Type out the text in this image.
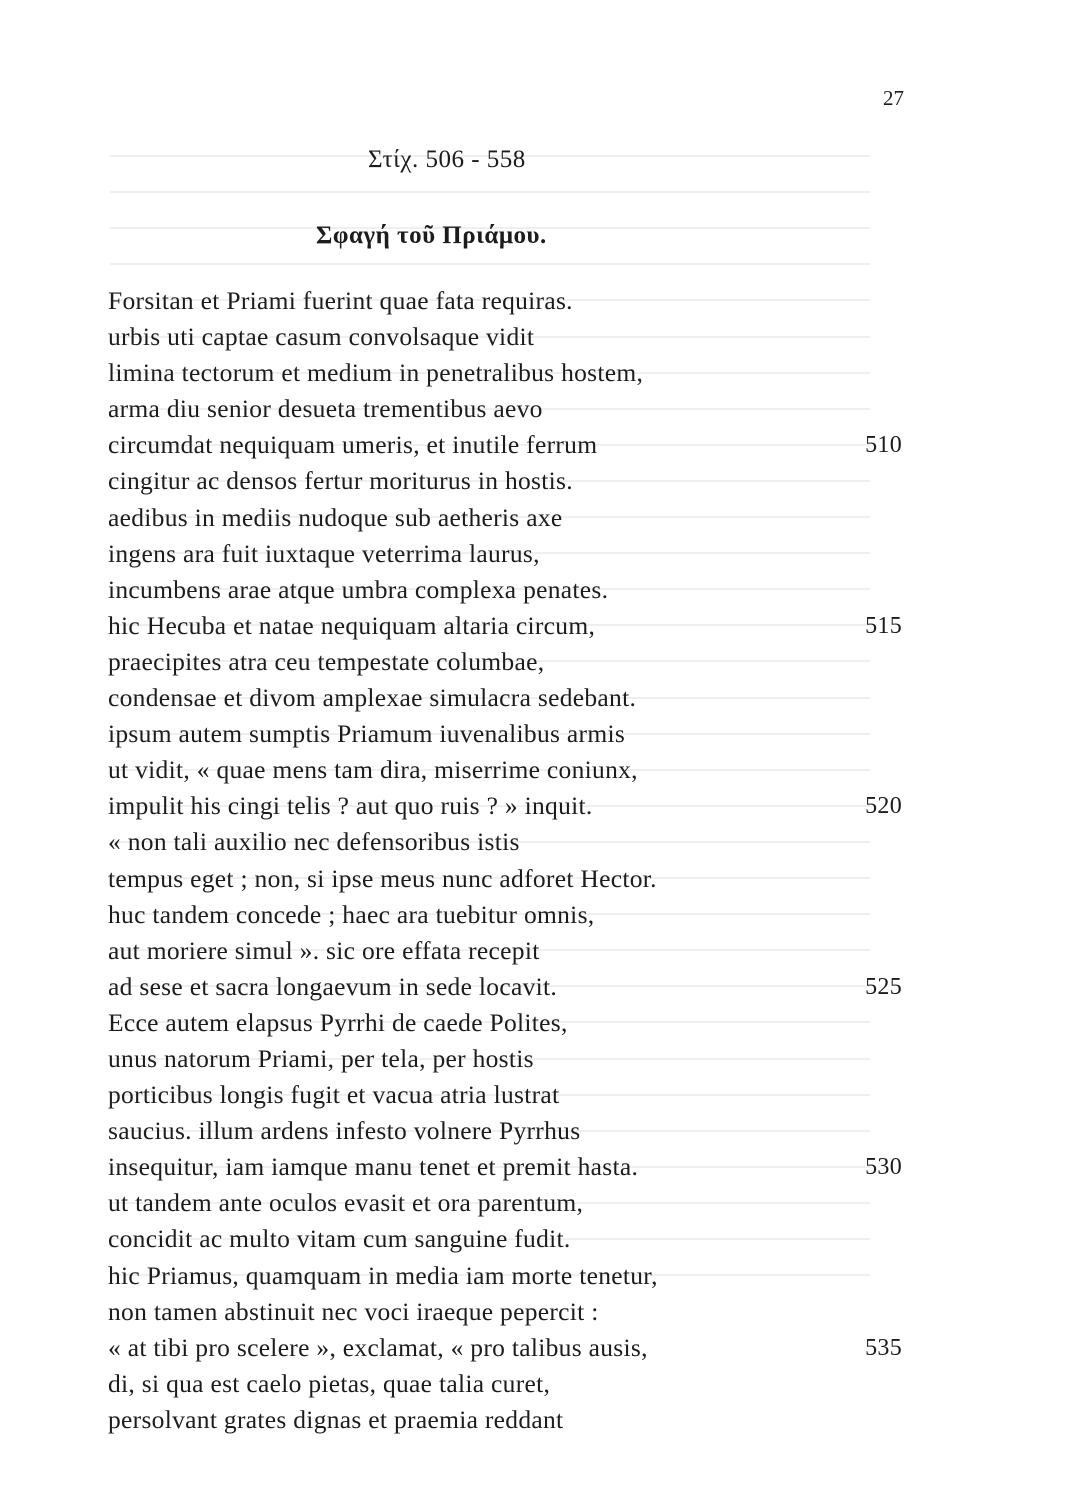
27
Στίχ. 506 - 558
Σφαγή τοῦ Πριάμου.
Forsitan et Priami fuerint quae fata requiras.
urbis uti captae casum convolsaque vidit
limina tectorum et medium in penetralibus hostem,
arma diu senior desueta trementibus aevo
circumdat nequiquam umeris, et inutile ferrum	510
cingitur ac densos fertur moriturus in hostis.
aedibus in mediis nudoque sub aetheris axe
ingens ara fuit iuxtaque veterrima laurus,
incumbens arae atque umbra complexa penates.
hic Hecuba et natae nequiquam altaria circum,	515
praecipites atra ceu tempestate columbae,
condensae et divom amplexae simulacra sedebant.
ipsum autem sumptis Priamum iuvenalibus armis
ut vidit, « quae mens tam dira, miserrime coniunx,
impulit his cingi telis ? aut quo ruis ? » inquit.	520
« non tali auxilio nec defensoribus istis
tempus eget ; non, si ipse meus nunc adforet Hector.
huc tandem concede ; haec ara tuebitur omnis,
aut moriere simul ». sic ore effata recepit
ad sese et sacra longaevum in sede locavit.	525
Ecce autem elapsus Pyrrhi de caede Polites,
unus natorum Priami, per tela, per hostis
porticibus longis fugit et vacua atria lustrat
saucius. illum ardens infesto volnere Pyrrhus
insequitur, iam iamque manu tenet et premit hasta.	530
ut tandem ante oculos evasit et ora parentum,
concidit ac multo vitam cum sanguine fudit.
hic Priamus, quamquam in media iam morte tenetur,
non tamen abstinuit nec voci iraeque pepercit :
« at tibi pro scelere », exclamat, « pro talibus ausis,	535
di, si qua est caelo pietas, quae talia curet,
persolvant grates dignas et praemia reddant
